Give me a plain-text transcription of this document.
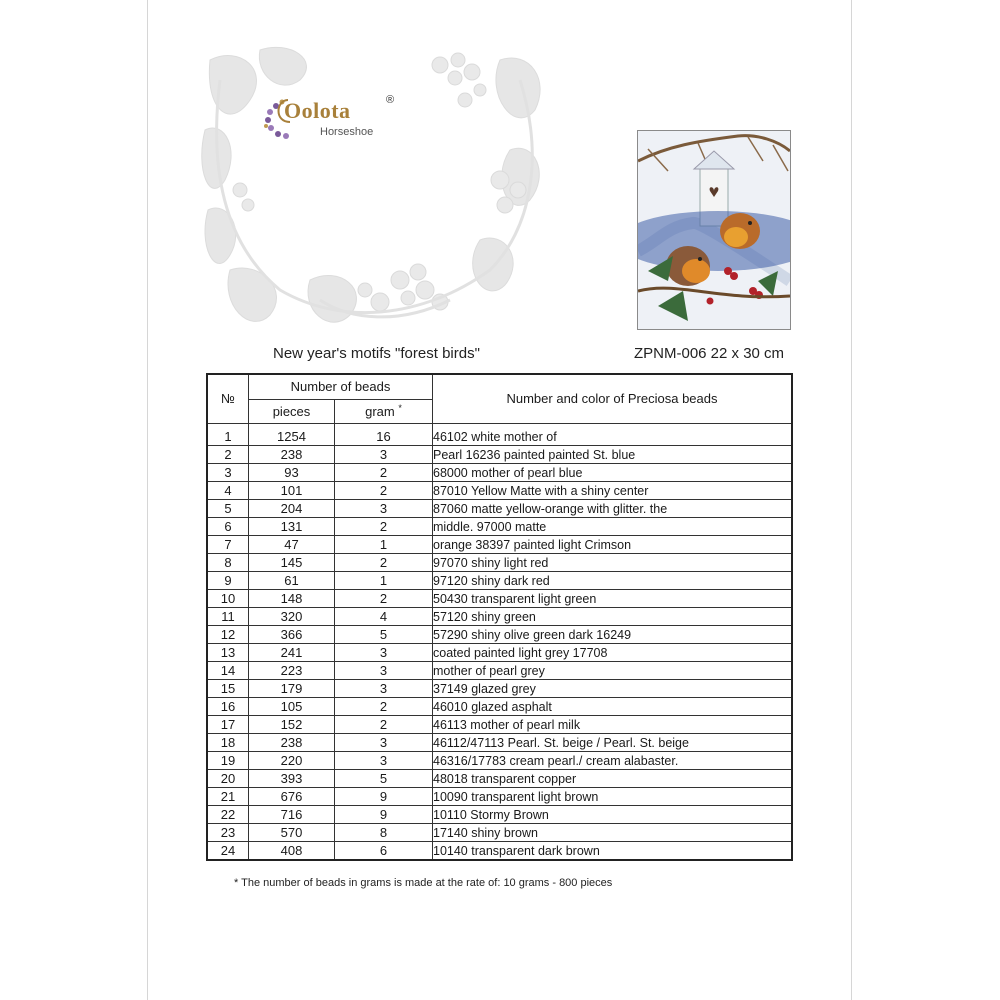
Oolota	®
Horseshoe
New year's motifs "forest birds"	ZPNM-006 22 x 30 cm
№	Number of beads		Number and color of Preciosa beads
	pieces	gram *
1	1254	16	46102 white mother of
2	238	3	Pearl 16236 painted painted St. blue
3	93	2	68000 mother of pearl blue
4	101	2	87010 Yellow Matte with a shiny center
5	204	3	87060 matte yellow-orange with glitter. the
6	131	2	middle. 97000 matte
7	47	1	orange 38397 painted light Crimson
8	145	2	97070 shiny light red
9	61	1	97120 shiny dark red
10	148	2	50430 transparent light green
11	320	4	57120 shiny green
12	366	5	57290 shiny olive green dark 16249
13	241	3	coated painted light grey 17708
14	223	3	mother of pearl grey
15	179	3	37149 glazed grey
16	105	2	46010 glazed asphalt
17	152	2	46113 mother of pearl milk
18	238	3	46112/47113 Pearl. St. beige / Pearl. St. beige
19	220	3	46316/17783 cream pearl./ cream alabaster.
20	393	5	48018 transparent copper
21	676	9	10090 transparent light brown
22	716	9	10110 Stormy Brown
23	570	8	17140 shiny brown
24	408	6	10140 transparent dark brown
* The number of beads in grams is made at the rate of: 10 grams - 800 pieces
